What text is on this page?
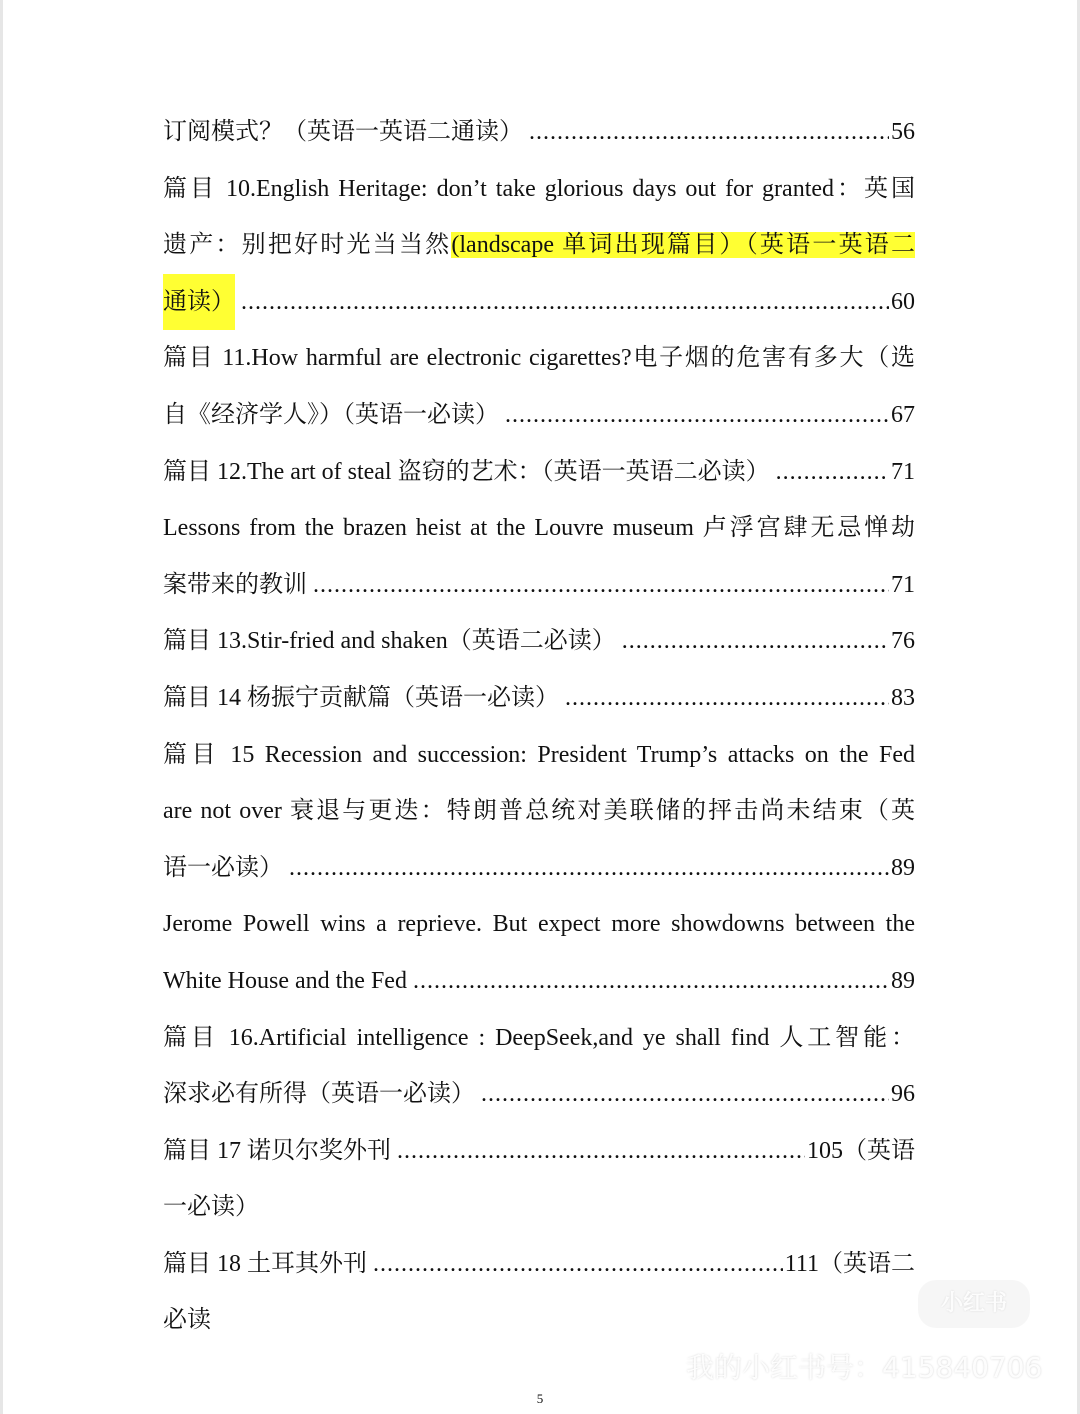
订阅模式？（英语一英语二通读） .....	56
篇目 10.English Heritage: don’t take glorious days out for granted：英国
遗产：别把好时光当当然(landscape 单词出现篇目）（英语一英语二
通读） .....	60
篇目 11.How harmful are electronic cigarettes?电子烟的危害有多大（选
自《经济学人》）（英语一必读） .....	67
篇目 12.The art of steal 盗窃的艺术：（英语一英语二必读） .....	71
Lessons from the brazen heist at the Louvre museum 卢浮宫肆无忌惮劫
案带来的教训 .....	71
篇目 13.Stir-fried and shaken（英语二必读） .....	76
篇目 14 杨振宁贡献篇（英语一必读） .....	83
篇目 15 Recession and succession: President Trump’s attacks on the Fed
are not over 衰退与更迭：特朗普总统对美联储的抨击尚未结束（英
语一必读） .....	89
Jerome Powell wins a reprieve. But expect more showdowns between the
White House and the Fed .....	89
篇目 16.Artificial intelligence : DeepSeek,and ye shall find 人工智能：
深求必有所得（英语一必读） .....	96
篇目 17 诺贝尔奖外刊 .....	105 （英语
一必读）
篇目 18 土耳其外刊 .....	111 （英语二
必读
小红书
我的小红书号：415840706
5
